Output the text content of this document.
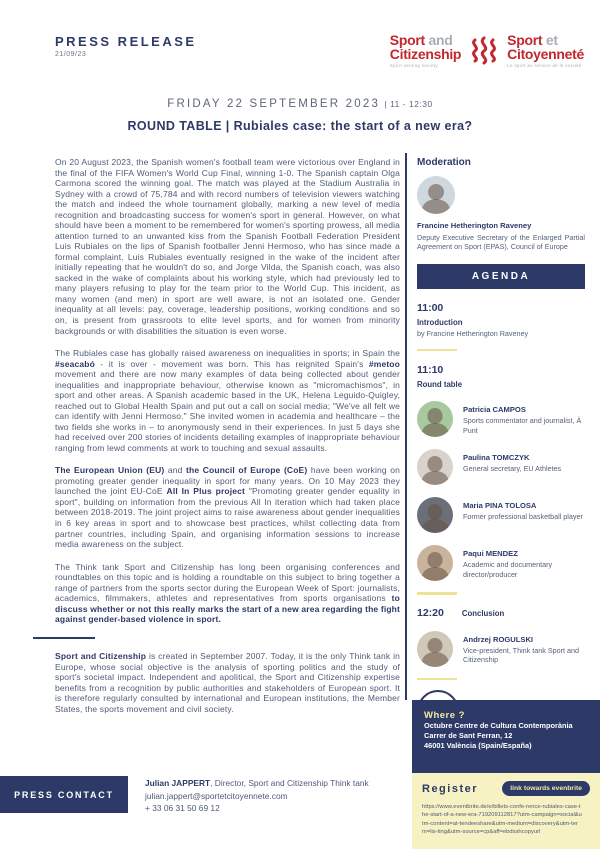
PRESS RELEASE
21/09/23
Sport and
Citizenship
Sport serving society
Sport et
Citoyenneté
Le sport au service de la société
FRIDAY 22 SEPTEMBER 2023 | 11 - 12:30
ROUND TABLE | Rubiales case: the start of a new era?

On 20 August 2023, the Spanish women's football team were victorious over England in the final of the FIFA Women's World Cup Final, winning 1-0. The Spanish captain Olga Carmona scored the winning goal. The match was played at the Stadium Australia in Sydney with a crowd of 75,784 and with record numbers of television viewers watching the match and indeed the whole tournament globally, marking a new level of media recognition and broadcasting success for women's sport in general. However, on what should have been a moment to be remembered for women's sporting prowess, all media attention turned to an unwanted kiss from the Spanish Football Federation President Luis Rubiales on the lips of Spanish footballer Jenni Hermoso, who has since made a formal complaint. Luis Rubiales eventually resigned in the wake of the incident after initially repeating that he wouldn't do so, and Jorge Vilda, the Spanish coach, was also sacked in the wake of complaints about his working style, which had previously led to many players refusing to play for the team prior to the World Cup. This incident, as many women (and men) in sport are well aware, is not an isolated one. Gender inequality at all levels: pay, coverage, leadership positions, working conditions and so on, is present from grassroots to elite level sports, and for women from minority backgrounds or with disabilities the situation is even worse.

The Rubiales case has globally raised awareness on inequalities in sports; in Spain the #seacabó - it is over - movement was born. This has reignited Spain's #metoo movement and there are now many examples of data being collected about gender inequalities and inappropriate behaviour, otherwise known as "micromachismos", in sport and other areas. A Spanish academic based in the UK, Helena Leguido-Quigley, reached out to Global Health Spain and put out a call on social media; "We've all felt we can identify with Jenni Hermoso." She invited women in academia and healthcare – the two fields she works in – to anonymously send in their experiences. In just 5 days she had received over 200 stories of incidents detailing examples of inappropriate behaviour ranging from lewd comments at work to touching and sexual assaults.

The European Union (EU) and the Council of Europe (CoE) have been working on promoting greater gender inequality in sport for many years. On 10 May 2023 they launched the joint EU-CoE All In Plus project "Promoting greater gender equality in sport", building on information from the previous All In iteration which had taken place between 2018-2019. The joint project aims to raise awareness about gender inequalities in 6 key areas in sport and to showcase best practices, whilst collecting data from partner countries, including Spain, and organising information sessions to increase media awareness on the subject.

The Think tank Sport and Citizenship has long been organising conferences and roundtables on this topic and is holding a roundtable on this subject to bring together a range of partners from the sports sector during the European Week of Sport: journalists, academics, filmmakers, athletes and representatives from sports organisations to discuss whether or not this really marks the start of a new area regarding the fight against gender-based violence in sport.

Sport and Citizenship is created in September 2007. Today, it is the only Think tank in Europe, whose social objective is the analysis of sporting politics and the study of sport's societal impact. Independent and apolitical, the Sport and Citizenship expertise benefits from a recognition by public authorities and stakeholders of European sport. It is therefore regularly consulted by international and European institutions, the Member States, the sports movement and civil society.

Moderation
Francine Hetherington Raveney
Deputy Executive Secretary of the Enlarged Partial Agreement on Sport (EPAS), Council of Europe
AGENDA
11:00
Introduction
by Francine Hetherington Raveney
11:10
Round table
Patricia CAMPOS
Sports commentator and journalist, À Punt
Paulina TOMCZYK
General secretary, EU Athletes
Maria PINA TOLOSA
Former professional basketball player
Paqui MENDEZ
Academic and documentary director/producer
12:20 Conclusion
Andrzej ROGULSKI
Vice-president, Think tank Sport and Citizenship
Where ?
Octubre Centre de Cultura Contemporània
Carrer de Sant Ferran, 12
46001 València (Spain/España)
Register	link towards evenbrite
https://www.eventbrite.de/e/billets-confe-rence-rubiales-case-the-start-of-a-new-era-719209112817?utm-campaign=social&utm-content=at-tendeeshare&utm-medium=discovery&utm-term=lis-ting&utm-source=cp&aff=ebdsshcopyurl
PRESS CONTACT
Julian JAPPERT, Director, Sport and Citizenship Think tank
julian.jappert@sportetcitoyennete.com
+ 33 06 31 50 69 12
